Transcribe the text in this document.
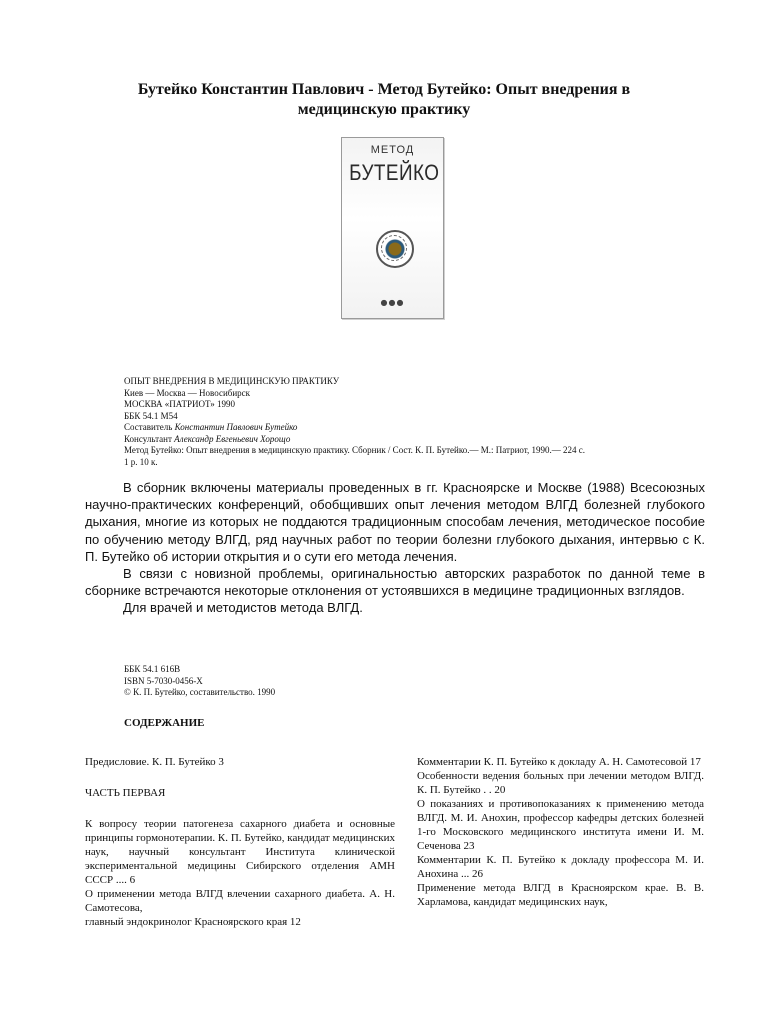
Бутейко Константин Павлович - Метод Бутейко: Опыт внедрения в медицинскую практику
МЕТОД
БУТЕЙКО
●●●
ОПЫТ ВНЕДРЕНИЯ В МЕДИЦИНСКУЮ ПРАКТИКУ
Киев — Москва — Новосибирск
МОСКВА «ПАТРИОТ» 1990
ББК 54.1 М54
Составитель Константин Павлович Бутейко
Консультант Александр Евгеньевич Хорощо
Метод Бутейко: Опыт внедрения в медицинскую практику. Сборник / Сост. К. П. Бутейко.— М.: Патриот, 1990.— 224 с.
1 р. 10 к.

В сборник включены материалы проведенных в гг. Красноярске и Москве (1988) Всесоюзных научно-практических конференций, обобщивших опыт лечения методом ВЛГД болезней глубокого дыхания, многие из которых не поддаются традиционным способам лечения, методическое пособие по обучению методу ВЛГД, ряд научных работ по теории болезни глубокого дыхания, интервью с К. П. Бутейко об истории открытия и о сути его метода лечения.

В связи с новизной проблемы, оригинальностью авторских разработок по данной теме в сборнике встречаются некоторые отклонения от устоявшихся в медицине традиционных взглядов.

Для врачей и методистов метода ВЛГД.

ББК 54.1 616В
ISBN 5-7030-0456-Х
© К. П. Бутейко, составительство. 1990
СОДЕРЖАНИЕ
Предисловие. К. П. Бутейко 3
ЧАСТЬ ПЕРВАЯ
К вопросу теории патогенеза сахарного диабета и основные принципы гормонотерапии. К. П. Бутейко, кандидат медицинских наук, научный консультант Института клинической экспериментальной медицины Сибирского отделения АМН СССР .... 6
О применении метода ВЛГД влечении сахарного диабета. А. Н. Самотесова,
главный эндокринолог Красноярского края 12
Комментарии К. П. Бутейко к докладу А. Н. Самотесовой 17
Особенности ведения больных при лечении методом ВЛГД. К. П. Бутейко . . 20
О показаниях и противопоказаниях к применению метода ВЛГД. М. И. Анохин, профессор кафедры детских болезней 1-го Московского медицинского института имени И. М. Сеченова 23
Комментарии К. П. Бутейко к докладу профессора М. И. Анохина ... 26
Применение метода ВЛГД в Красноярском крае. В. В. Харламова, кандидат медицинских наук,
